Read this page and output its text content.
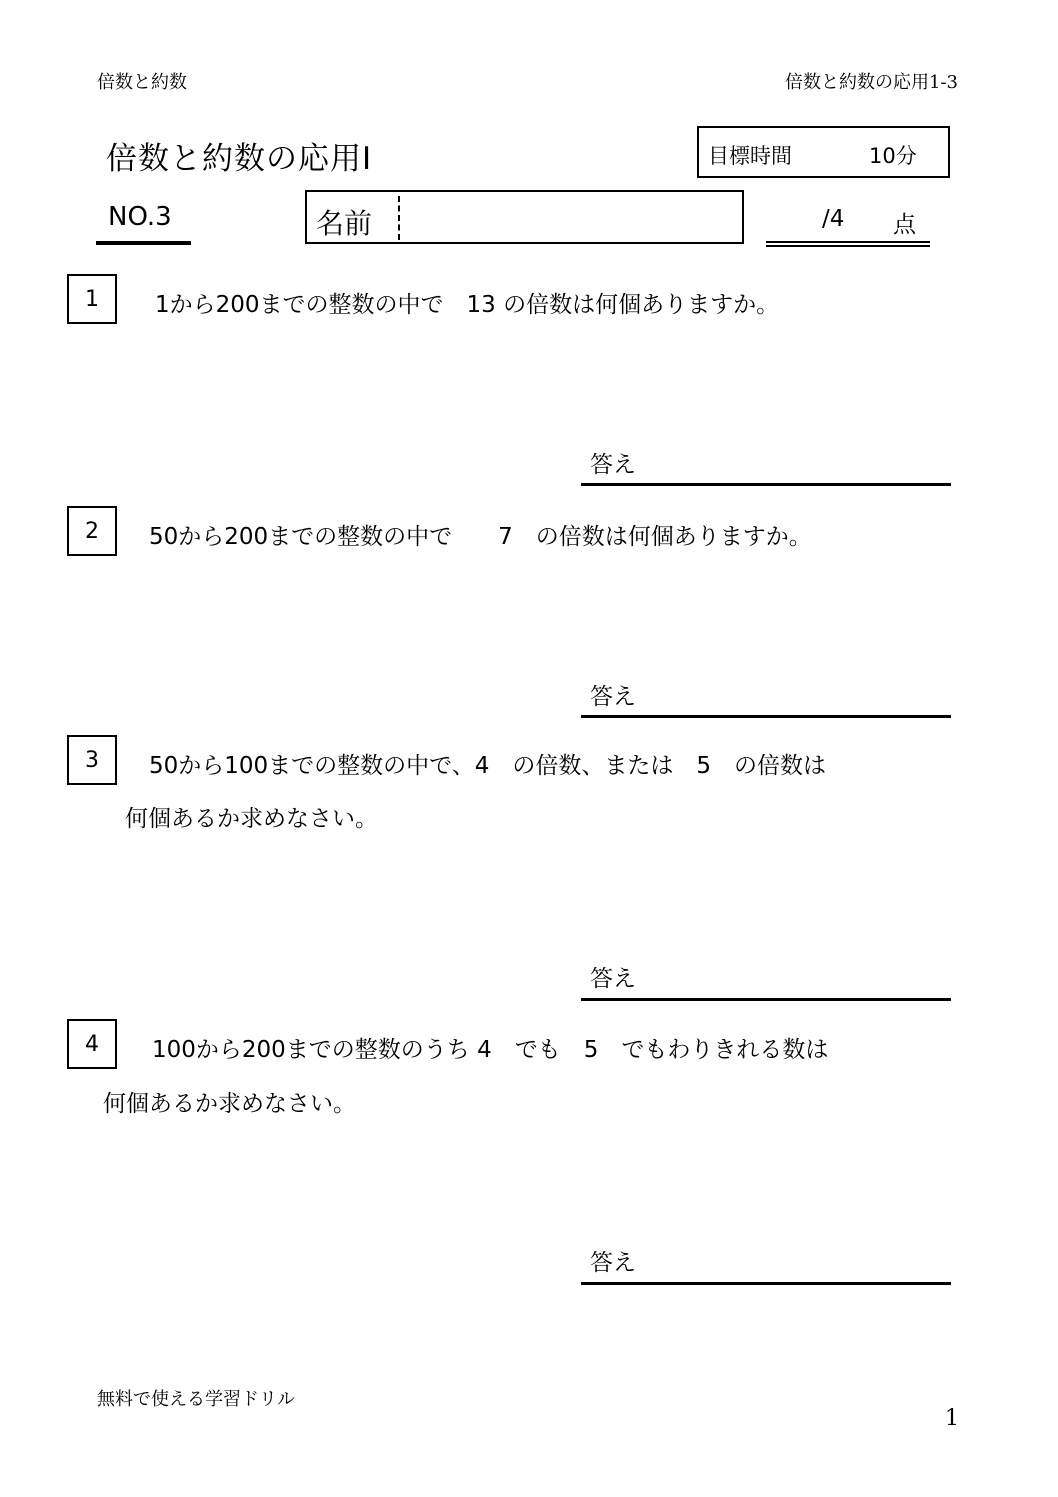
倍数と約数	倍数と約数の応用1-3
倍数と約数の応用Ⅰ	目標時間	10分
NO.3	名前	/4 点
1 1から200までの整数の中で　13 の倍数は何個ありますか。
答え
2 50から200までの整数の中で　　7　の倍数は何個ありますか。
答え
3 50から100までの整数の中で、4　の倍数、または　5　の倍数は
何個あるか求めなさい。
答え
4 100から200までの整数のうち 4　でも　5　でもわりきれる数は
何個あるか求めなさい。
答え
無料で使える学習ドリル
1
